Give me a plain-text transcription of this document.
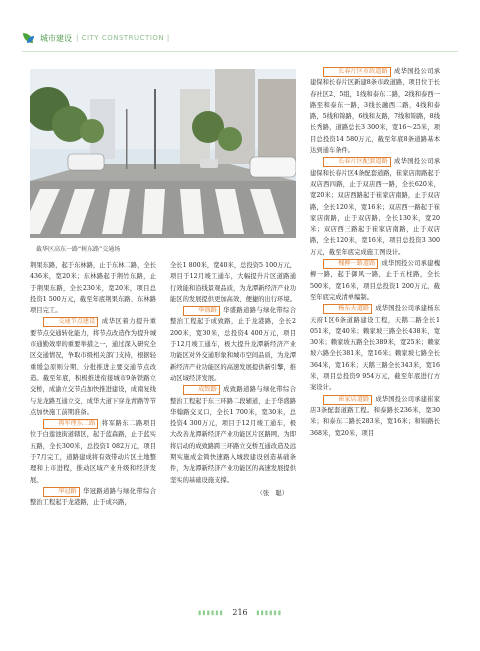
城市建设 | CITY CONSTRUCTION |
截华区高东一路“树东路”交通场

荆果东路，起于东林路，止于东林二路，全长436米，宽20米；东林路起于荆竹东路，止于荆果东路，全长230米，宽20米，项目总投资1 500万元，截至年底荆果东路、东林路项目完工。

交通节点建设 成华区着力提升重要节点交通转化能力，将节点改造作为提升城市通勤效率的重要举措之一，通过深入研究全区交通情况，争取市级相关部门支持，根据轻重缓急原则分期、分批推进主要交通节点改造。截至年底，积极推进衔接城市9条铁路立交桥，成渝立交节点加快推进建设，成南复线与龙龙路互通立交、成华大道下穿龙青路等节点加快施工前期准备。

再军理东二路 将军路东二路项目位于白莲池街道辖区，起于蓝森路，止于蓝实五路，全长300米，总投资1 082万元，项目于7月完工，道路建成将有效带动片区土地整理和上市进程，推动区域产业升级和经济发展。

华冠路 华冠路道路与绿化带综合整治工程起于龙港路，止于成兴路，

全长1 800米，宽40米，总投资5 100万元，项目于12月竣工通车，大幅提升片区道路通行效能和沿线景观品质，为龙潭新经济产业功能区的发展提供更加高效、便捷的出行环境。

华盛路 华盛路道路与绿化带综合整治工程起于成致路，止于龙港路，全长2 200米，宽30米，总投资4 400万元，项目于12月竣工通车，极大提升龙潭新经济产业功能区对外交通形象和城市空间品质，为龙潭新经济产业功能区的高速发展提供新引擎，推动区域经济发展。

成致路 成致路道路与绿化带综合整治工程起于东三环路二段辅道，止于华盛路华翰路交叉口，全长1 700米，宽30米，总投资4 300万元，项目于12月竣工通车，极大改善龙潭新经济产业功能区片区路网，为即将启动的成致路跨三环路立交桥互通改造及远期实施成金简快速路入城段建设创造基础条件，为龙潭新经济产业功能区的高速发展提供坚实的基础设施支撑。

（张　聪）

长春片区市政道路 成华国投公司承建保和长春片区新建8条市政道路，项目位于长春社区2、5组，1线和泰东二路，2线和泰西一路至和泰东一路，3线长融西二路，4线和泰路，5线和锦路，6线和友路，7线和锦路，8线长秀路，道路总长3 300米，宽16～25米，项目总投资14 580万元，截至年底8条道路基本达到通车条件。

长春片区配套道路 成华国投公司承建保和长春片区4条配套道路，崔家店南路起于双店西四路，止于双店西一路，全长620米，宽20米；双店西路起于崔家店南路，止于双店路，全长120米，宽16米；双店西一路起于崔家店南路，止于双店路，全长130米，宽20米；双店西三路起于崔家店南路，止于双店路，全长120米，宽16米，项目总投资3 300万元，截至年底完成施工图设计。

槐柳一路道路 成华国投公司承建槐柳一路，起于御风一路，止于五柱路，全长500米，宽16米，项目总投资1 200万元，截至年底完成清单编制。

杨东天道路 成华国投公司承建杨东天府1区6条道路建设工程，天鹅二路全长1 051米，宽40米；赖家坡三路全长438米，宽30米；赖家坡五路全长389米，宽25米；赖家坡六路全长381米，宽16米；赖家坡七路全长364米，宽16米；天鹅三路全长343米，宽16米，项目总投资9 954万元，截至年底进行方案设计。

崔家店道路 成华国投公司承建崔家店3条配套道路工程。和泰路长236米，宽30米；和泰东二路长283米，宽16米；和锦路长368米，宽20米，项目

▮▮▮▮▮▮ 216 ▮▮▮▮▮▮
